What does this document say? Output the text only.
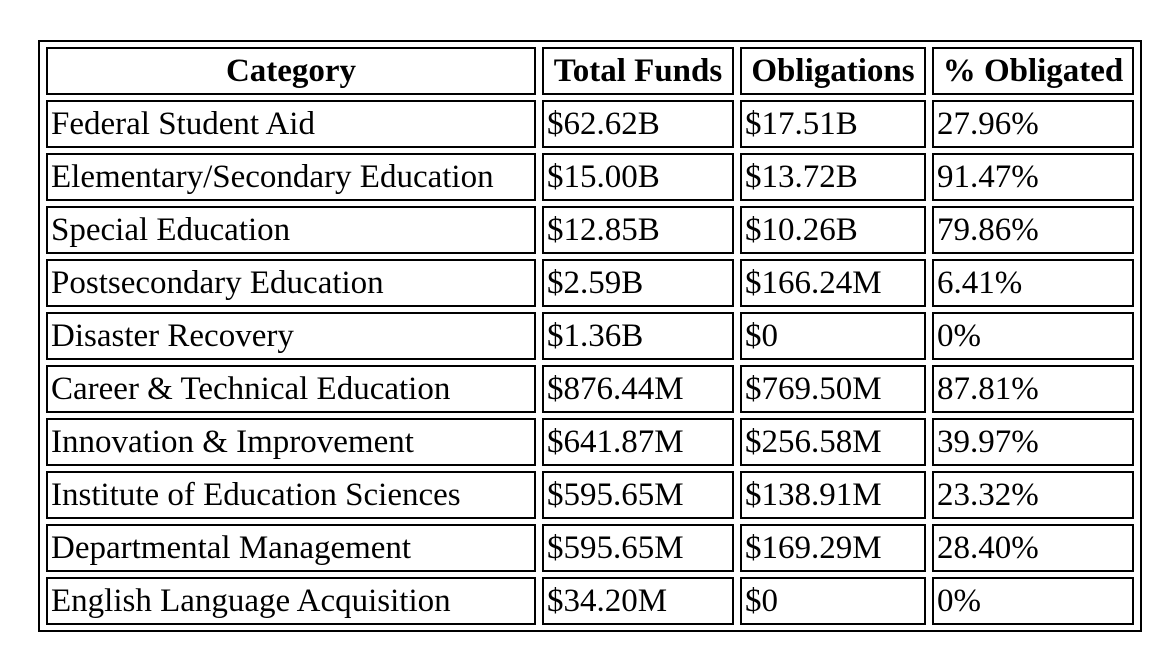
Category	Total Funds	Obligations	% Obligated
Federal Student Aid	$62.62B	$17.51B	27.96%
Elementary/Secondary Education	$15.00B	$13.72B	91.47%
Special Education	$12.85B	$10.26B	79.86%
Postsecondary Education	$2.59B	$166.24M	6.41%
Disaster Recovery	$1.36B	$0	0%
Career & Technical Education	$876.44M	$769.50M	87.81%
Innovation & Improvement	$641.87M	$256.58M	39.97%
Institute of Education Sciences	$595.65M	$138.91M	23.32%
Departmental Management	$595.65M	$169.29M	28.40%
English Language Acquisition	$34.20M	$0	0%
